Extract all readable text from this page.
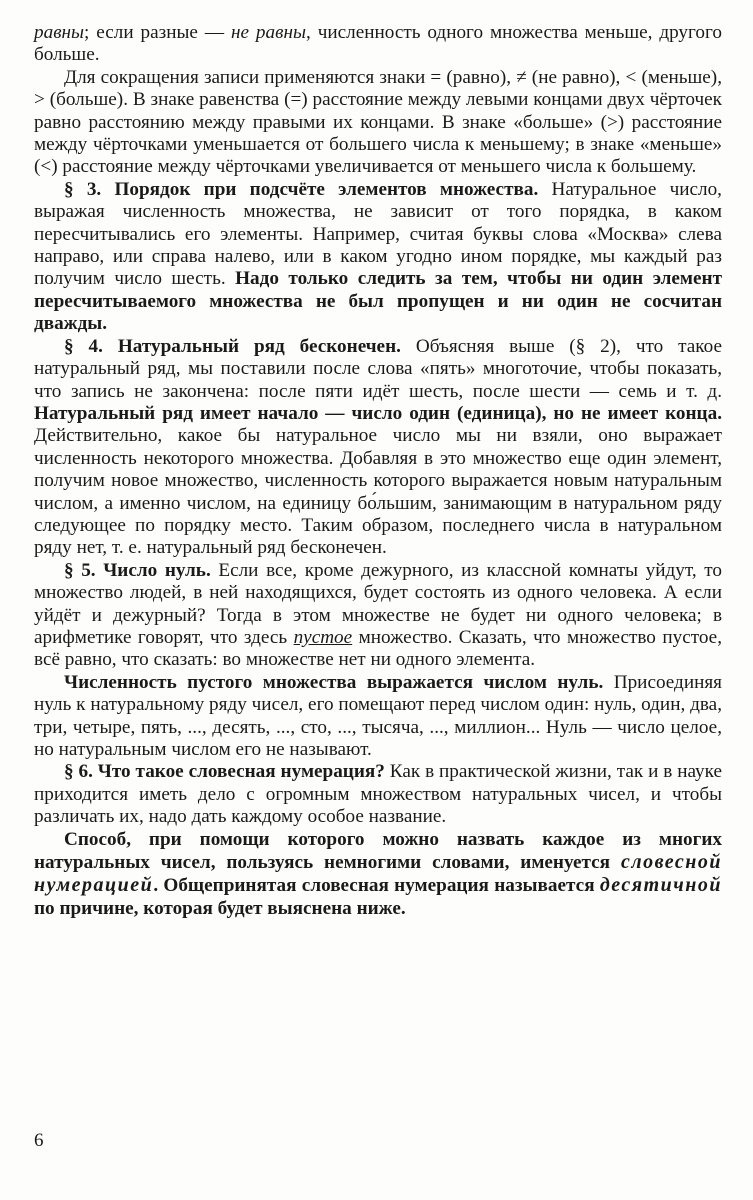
равны; если разные — не равны, численность одного множества меньше, другого больше.

Для сокращения записи применяются знаки = (равно), ≠ (не равно), < (меньше), > (больше). В знаке равенства (=) расстояние между левыми концами двух чёрточек равно расстоянию между правыми их концами. В знаке «больше» (>) расстояние между чёрточками уменьшается от большего числа к меньшему; в знаке «меньше» (<) расстояние между чёрточками увеличивается от меньшего числа к большему.

§ 3. Порядок при подсчёте элементов множества. Натуральное число, выражая численность множества, не зависит от того порядка, в каком пересчитывались его элементы. Например, считая буквы слова «Москва» слева направо, или справа налево, или в каком угодно ином порядке, мы каждый раз получим число шесть. Надо только следить за тем, чтобы ни один элемент пересчитываемого множества не был пропущен и ни один не сосчитан дважды.

§ 4. Натуральный ряд бесконечен. Объясняя выше (§ 2), что такое натуральный ряд, мы поставили после слова «пять» многоточие, чтобы показать, что запись не закончена: после пяти идёт шесть, после шести — семь и т. д. Натуральный ряд имеет начало — число один (единица), но не имеет конца. Действительно, какое бы натуральное число мы ни взяли, оно выражает численность некоторого множества. Добавляя в это множество еще один элемент, получим новое множество, численность которого выражается новым натуральным числом, а именно числом, на единицу бо́льшим, занимающим в натуральном ряду следующее по порядку место. Таким образом, последнего числа в натуральном ряду нет, т. е. натуральный ряд бесконечен.

§ 5. Число нуль. Если все, кроме дежурного, из классной комнаты уйдут, то множество людей, в ней находящихся, будет состоять из одного человека. А если уйдёт и дежурный? Тогда в этом множестве не будет ни одного человека; в арифметике говорят, что здесь пустое множество. Сказать, что множество пустое, всё равно, что сказать: во множестве нет ни одного элемента.

Численность пустого множества выражается числом нуль. Присоединяя нуль к натуральному ряду чисел, его помещают перед числом один: нуль, один, два, три, четыре, пять, ..., десять, ..., сто, ..., тысяча, ..., миллион... Нуль — число целое, но натуральным числом его не называют.

§ 6. Что такое словесная нумерация? Как в практической жизни, так и в науке приходится иметь дело с огромным множеством натуральных чисел, и чтобы различать их, надо дать каждому особое название.

Способ, при помощи которого можно назвать каждое из многих натуральных чисел, пользуясь немногими словами, именуется словесной нумерацией. Общепринятая словесная нумерация называется десятичной по причине, которая будет выяснена ниже.

6
